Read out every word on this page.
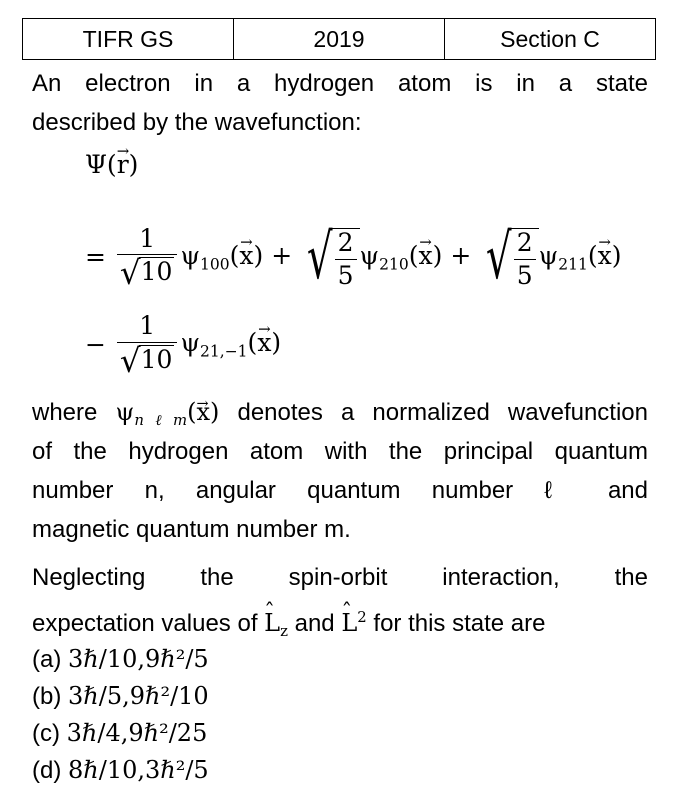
TIFR GS	2019	Section C
An electron in a hydrogen atom is in a state
described by the wavefunction:
Ψ(→ r)
= $\frac{1}{√ 10} \psi_{100}(\to x)$ + √ $\frac{2}{5} \psi_{210}(\to x)$ + √ $\frac{2}{5} \psi_{211}(\to x)$
− $\frac{1}{√ 10} \psi_{21,-1}(\to x)$
where $\psi_{n\ell m}(\to x)$ denotes a normalized wavefunction
of the hydrogen atom with the principal quantum
number n, angular quantum number ℓ and
magnetic quantum number m.
Neglecting the spin-orbit interaction, the
expectation values of ˆ $L_z$ and ˆ $L^2$ for this state are
(a) 3ℏ/10,9ℏ²/5
(b) 3ℏ/5,9ℏ²/10
(c) 3ℏ/4,9ℏ²/25
(d) 8ℏ/10,3ℏ²/5
